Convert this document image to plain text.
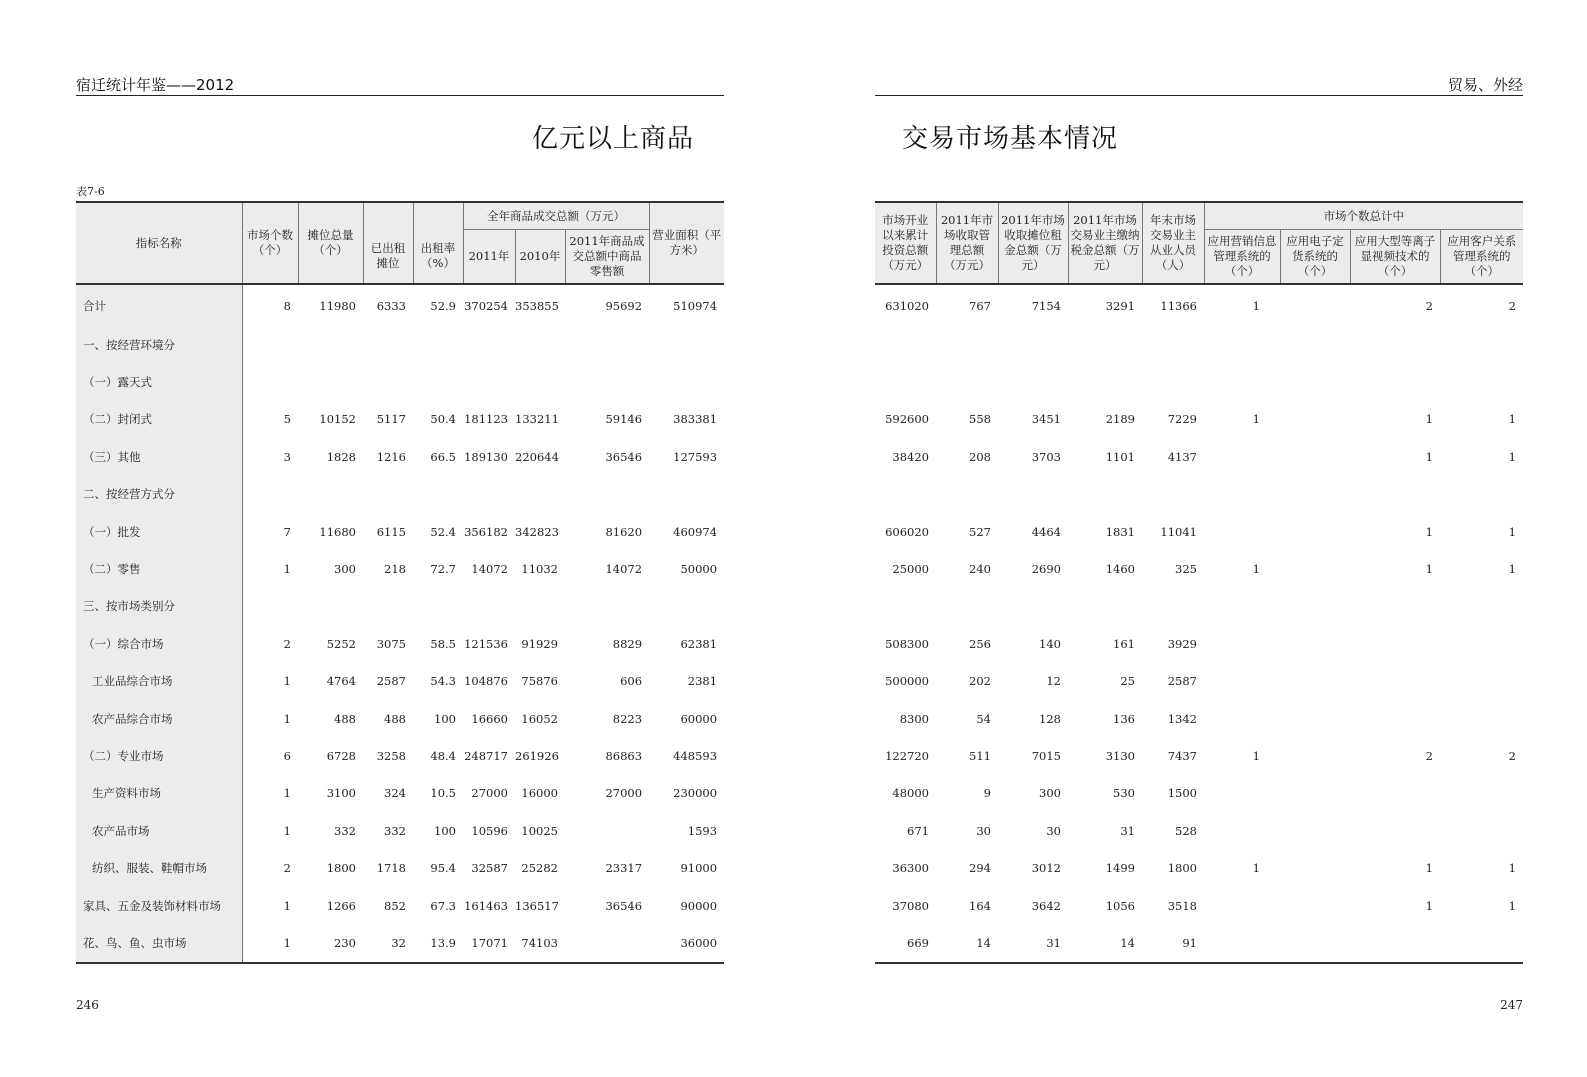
宿迁统计年鉴——2012
亿元以上商品
表7-6
指标名称	市场个数（个）	摊位总量（个）	已出租摊位	出租率（%）	全年商品成交总额（万元）			营业面积（平方米）
					2011年	2010年	2011年商品成交总额中商品零售额	
合计	8	11980	6333	52.9	370254	353855	95692	510974
一、按经营环境分								
（一）露天式								
（二）封闭式	5	10152	5117	50.4	181123	133211	59146	383381
（三）其他	3	1828	1216	66.5	189130	220644	36546	127593
二、按经营方式分								
（一）批发	7	11680	6115	52.4	356182	342823	81620	460974
（二）零售	1	300	218	72.7	14072	11032	14072	50000
三、按市场类别分								
（一）综合市场	2	5252	3075	58.5	121536	91929	8829	62381
工业品综合市场	1	4764	2587	54.3	104876	75876	606	2381
农产品综合市场	1	488	488	100	16660	16052	8223	60000
（二）专业市场	6	6728	3258	48.4	248717	261926	86863	448593
生产资料市场	1	3100	324	10.5	27000	16000	27000	230000
农产品市场	1	332	332	100	10596	10025		1593
纺织、服装、鞋帽市场	2	1800	1718	95.4	32587	25282	23317	91000
家具、五金及装饰材料市场	1	1266	852	67.3	161463	136517	36546	90000
花、鸟、鱼、虫市场	1	230	32	13.9	17071	74103		36000
246
贸易、外经
交易市场基本情况
市场开业以来累计投资总额（万元）	2011年市场收取管理总额（万元）	2011年市场收取摊位租金总额（万元）	2011年市场交易业主缴纳税金总额（万元）	年末市场交易业主从业人员（人）	市场个数总计中			
					应用营销信息管理系统的（个）	应用电子定货系统的（个）	应用大型等离子显视频技术的（个）	应用客户关系管理系统的（个）
631020	767	7154	3291	11366	1		2	2

592600	558	3451	2189	7229	1		1	1
38420	208	3703	1101	4137			1	1

606020	527	4464	1831	11041			1	1
25000	240	2690	1460	325	1		1	1

508300	256	140	161	3929				
500000	202	12	25	2587				
8300	54	128	136	1342				
122720	511	7015	3130	7437	1		2	2
48000	9	300	530	1500				
671	30	30	31	528				
36300	294	3012	1499	1800	1		1	1
37080	164	3642	1056	3518			1	1
669	14	31	14	91				
247
